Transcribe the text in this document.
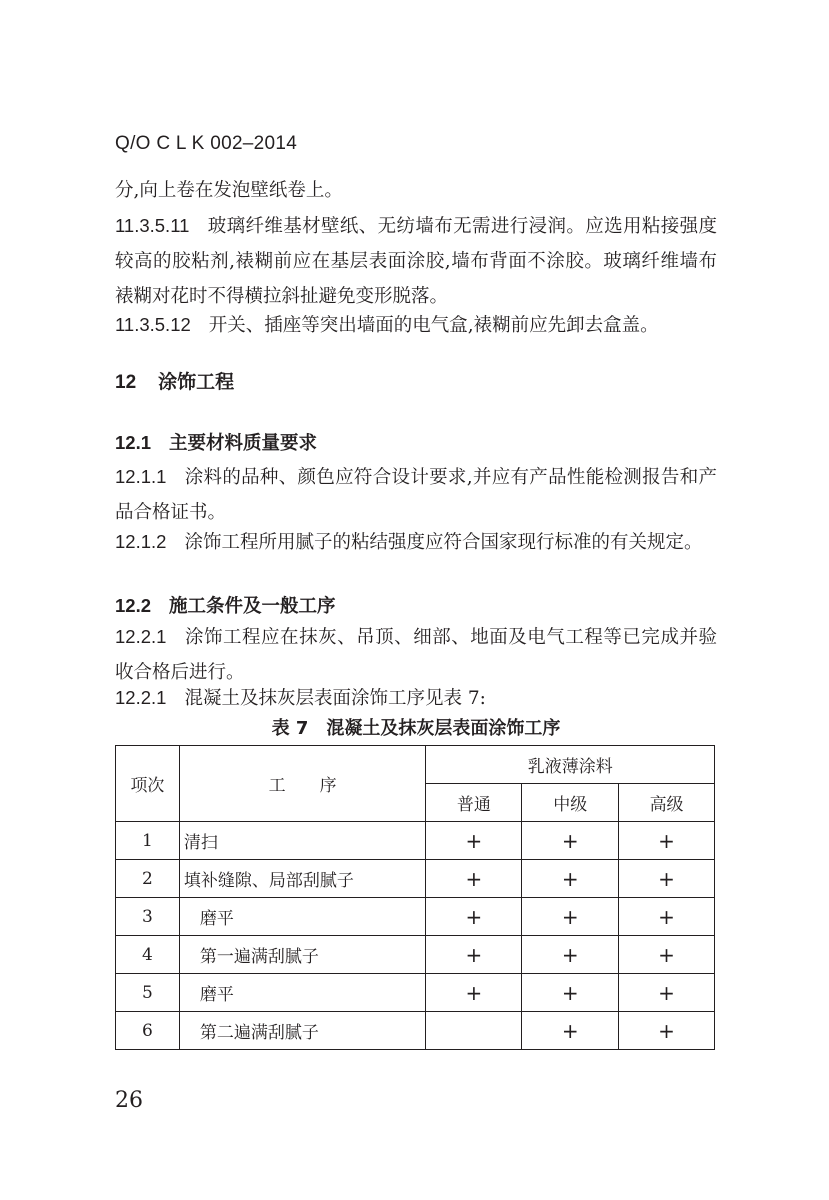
Q/O C L K 002–2014
分,向上卷在发泡壁纸卷上。
11.3.5.11 玻璃纤维基材壁纸、无纺墙布无需进行浸润。应选用粘接强度较高的胶粘剂,裱糊前应在基层表面涂胶,墙布背面不涂胶。玻璃纤维墙布裱糊对花时不得横拉斜扯避免变形脱落。
11.3.5.12 开关、插座等突出墙面的电气盒,裱糊前应先卸去盒盖。
12 涂饰工程
12.1 主要材料质量要求
12.1.1 涂料的品种、颜色应符合设计要求,并应有产品性能检测报告和产品合格证书。
12.1.2 涂饰工程所用腻子的粘结强度应符合国家现行标准的有关规定。
12.2 施工条件及一般工序
12.2.1 涂饰工程应在抹灰、吊顶、细部、地面及电气工程等已完成并验收合格后进行。
12.2.1 混凝土及抹灰层表面涂饰工序见表 7:
表 7　混凝土及抹灰层表面涂饰工序
项次	工　　序	乳液薄涂料		
		普通	中级	高级
1	清扫	+	+	+
2	填补缝隙、局部刮腻子	+	+	+
3	磨平	+	+	+
4	第一遍满刮腻子	+	+	+
5	磨平	+	+	+
6	第二遍满刮腻子		+	+
26
